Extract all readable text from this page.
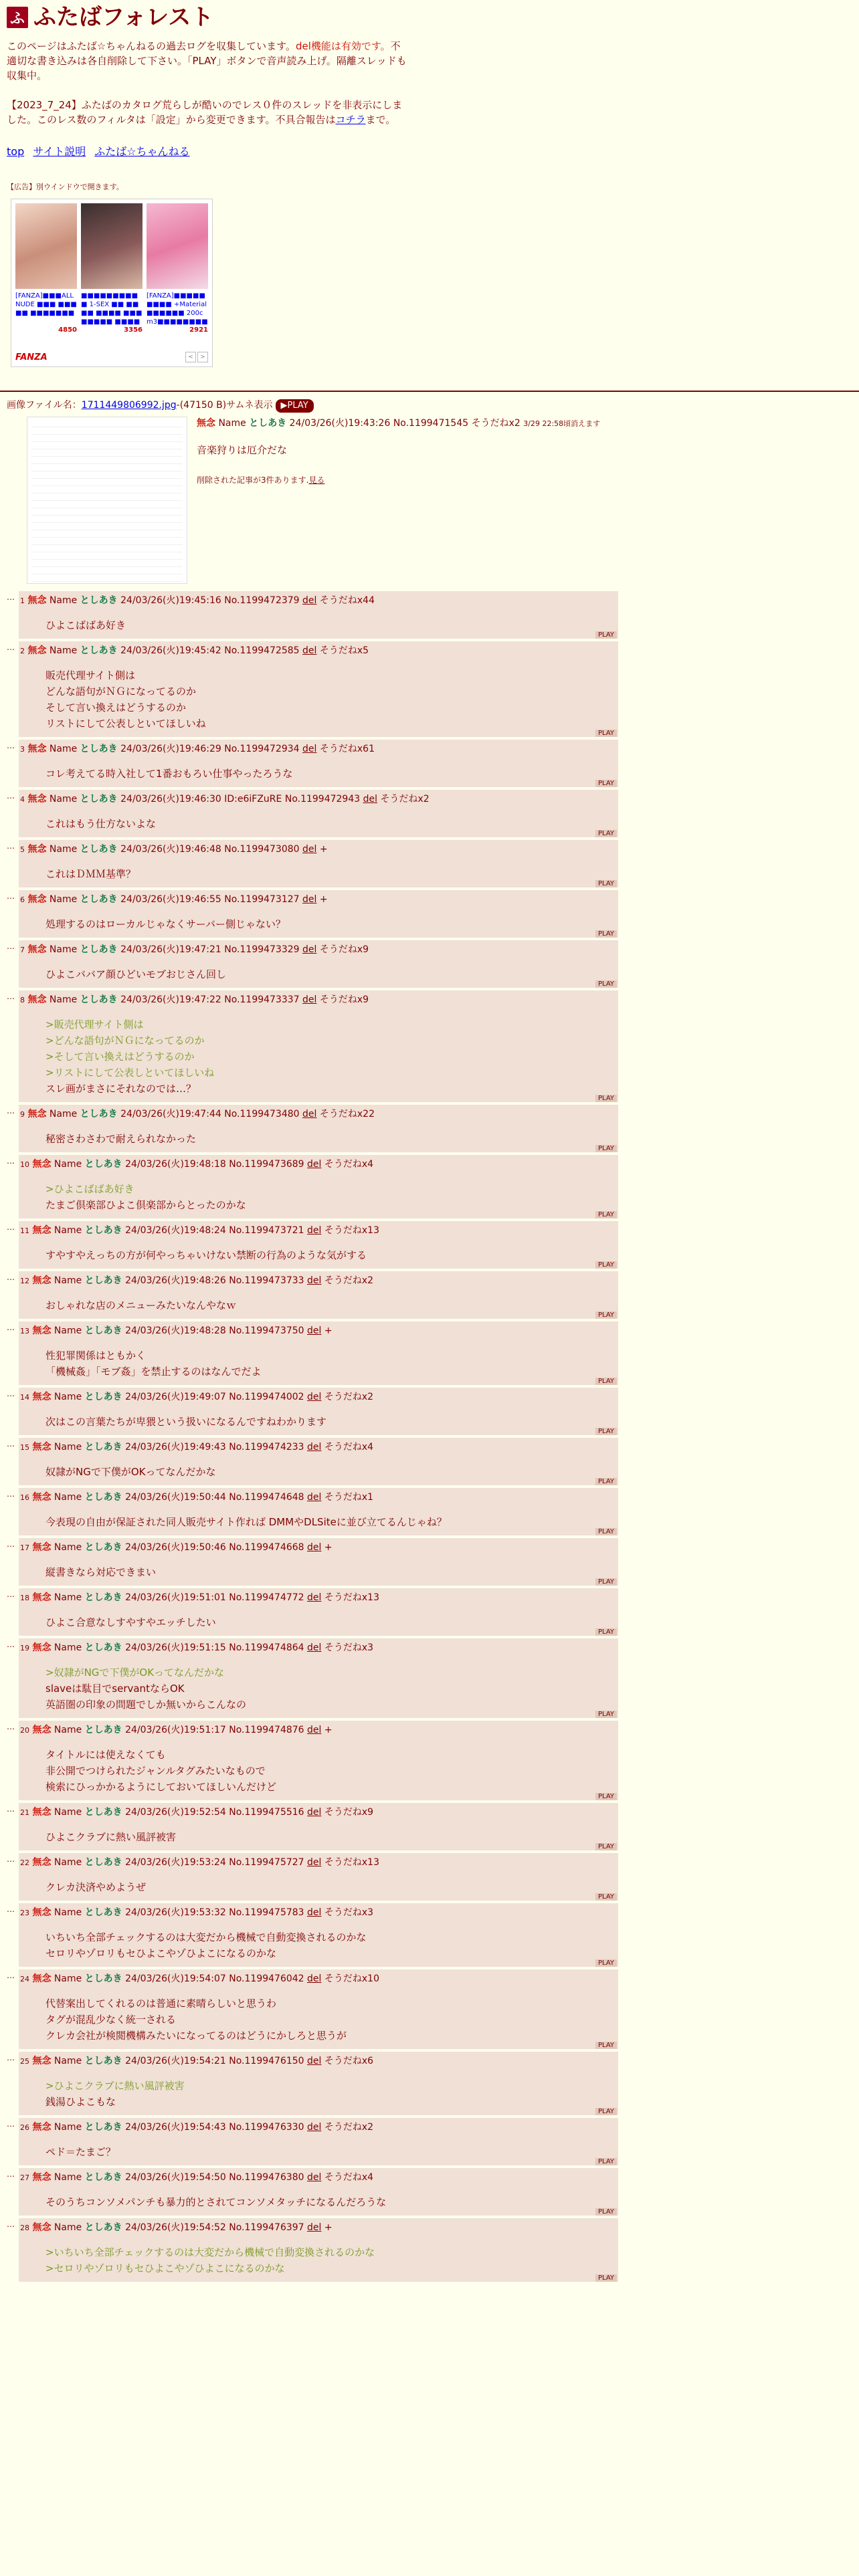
ふ ふたばフォレスト
このページはふたば☆ちゃんねるの過去ログを収集しています。del機能は有効です。不適切な書き込みは各自削除して下さい。「PLAY」ボタンで音声読み上げ。隔離スレッドも収集中。
【2023_7_24】ふたばのカタログ荒らしが酷いのでレス０件のスレッドを非表示にしました。このレス数のフィルタは「設定」から変更できます。不具合報告はコチラまで。
top サイト説明 ふたば☆ちゃんねる
【広告】別ウインドウで開きます。
[FANZA]■■■ALL NUDE ■■■ ■■■■■ ■■■■■■■
4850
■■■■■■■■■■ 1-SEX ■■ ■■■■ ■■■■ ■■■■■■■■ ■■■■
3356
[FANZA]■■■■■■■■■ +Material■■■■■■ 200cm3■■■■■■■■
2921
FANZA	<	>
画像ファイル名：1711449806992.jpg-(47150 B)サムネ表示 ▶PLAY
無念 Name としあき 24/03/26(火)19:43:26 No.1199471545 そうだねx2 3/29 22:58頃消えます
音楽狩りは厄介だな
削除された記事が3件あります.見る
… 1 無念 Name としあき 24/03/26(火)19:45:16 No.1199472379 del そうだねx44
ひよこばばあ好き
PLAY
… 2 無念 Name としあき 24/03/26(火)19:45:42 No.1199472585 del そうだねx5
販売代理サイト側は
どんな語句がＮＧになってるのか
そして言い換えはどうするのか
リストにして公表しといてほしいね
PLAY
… 3 無念 Name としあき 24/03/26(火)19:46:29 No.1199472934 del そうだねx61
コレ考えてる時入社して1番おもろい仕事やったろうな
PLAY
… 4 無念 Name としあき 24/03/26(火)19:46:30 ID:e6iFZuRE No.1199472943 del そうだねx2
これはもう仕方ないよな
PLAY
… 5 無念 Name としあき 24/03/26(火)19:46:48 No.1199473080 del +
これはＤＭＭ基準？
PLAY
… 6 無念 Name としあき 24/03/26(火)19:46:55 No.1199473127 del +
処理するのはローカルじゃなくサーバー側じゃない？
PLAY
… 7 無念 Name としあき 24/03/26(火)19:47:21 No.1199473329 del そうだねx9
ひよこババア顔ひどいモブおじさん回し
PLAY
… 8 無念 Name としあき 24/03/26(火)19:47:22 No.1199473337 del そうだねx9
>販売代理サイト側は
>どんな語句がＮＧになってるのか
>そして言い換えはどうするのか
>リストにして公表しといてほしいね
スレ画がまさにそれなのでは…？
PLAY
… 9 無念 Name としあき 24/03/26(火)19:47:44 No.1199473480 del そうだねx22
秘密さわさわで耐えられなかった
PLAY
… 10 無念 Name としあき 24/03/26(火)19:48:18 No.1199473689 del そうだねx4
>ひよこばばあ好き
たまご倶楽部ひよこ倶楽部からとったのかな
PLAY
… 11 無念 Name としあき 24/03/26(火)19:48:24 No.1199473721 del そうだねx13
すやすやえっちの方が何やっちゃいけない禁断の行為のような気がする
PLAY
… 12 無念 Name としあき 24/03/26(火)19:48:26 No.1199473733 del そうだねx2
おしゃれな店のメニューみたいなんやなｗ
PLAY
… 13 無念 Name としあき 24/03/26(火)19:48:28 No.1199473750 del +
性犯罪関係はともかく
「機械姦」「モブ姦」を禁止するのはなんでだよ
PLAY
… 14 無念 Name としあき 24/03/26(火)19:49:07 No.1199474002 del そうだねx2
次はこの言葉たちが卑猥という扱いになるんですねわかります
PLAY
… 15 無念 Name としあき 24/03/26(火)19:49:43 No.1199474233 del そうだねx4
奴隷がNGで下僕がOKってなんだかな
PLAY
… 16 無念 Name としあき 24/03/26(火)19:50:44 No.1199474648 del そうだねx1
今表現の自由が保証された同人販売サイト作れば DMMやDLSiteに並び立てるんじゃね？
PLAY
… 17 無念 Name としあき 24/03/26(火)19:50:46 No.1199474668 del +
縦書きなら対応できまい
PLAY
… 18 無念 Name としあき 24/03/26(火)19:51:01 No.1199474772 del そうだねx13
ひよこ合意なしすやすやエッチしたい
PLAY
… 19 無念 Name としあき 24/03/26(火)19:51:15 No.1199474864 del そうだねx3
>奴隷がNGで下僕がOKってなんだかな
slaveは駄目でservantならOK
英語圏の印象の問題でしか無いからこんなの
PLAY
… 20 無念 Name としあき 24/03/26(火)19:51:17 No.1199474876 del +
タイトルには使えなくても
非公開でつけられたジャンルタグみたいなもので
検索にひっかかるようにしておいてほしいんだけど
PLAY
… 21 無念 Name としあき 24/03/26(火)19:52:54 No.1199475516 del そうだねx9
ひよこクラブに熱い風評被害
PLAY
… 22 無念 Name としあき 24/03/26(火)19:53:24 No.1199475727 del そうだねx13
クレカ決済やめようぜ
PLAY
… 23 無念 Name としあき 24/03/26(火)19:53:32 No.1199475783 del そうだねx3
いちいち全部チェックするのは大変だから機械で自動変換されるのかな
セロリやゾロリもセひよこやゾひよこになるのかな
PLAY
… 24 無念 Name としあき 24/03/26(火)19:54:07 No.1199476042 del そうだねx10
代替案出してくれるのは普通に素晴らしいと思うわ
タグが混乱少なく統一される
クレカ会社が検閲機構みたいになってるのはどうにかしろと思うが
PLAY
… 25 無念 Name としあき 24/03/26(火)19:54:21 No.1199476150 del そうだねx6
>ひよこクラブに熱い風評被害
銭湯ひよこもな
PLAY
… 26 無念 Name としあき 24/03/26(火)19:54:43 No.1199476330 del そうだねx2
ペド＝たまご？
PLAY
… 27 無念 Name としあき 24/03/26(火)19:54:50 No.1199476380 del そうだねx4
そのうちコンソメパンチも暴力的とされてコンソメタッチになるんだろうな
PLAY
… 28 無念 Name としあき 24/03/26(火)19:54:52 No.1199476397 del +
>いちいち全部チェックするのは大変だから機械で自動変換されるのかな
>セロリやゾロリもセひよこやゾひよこになるのかな
PLAY
